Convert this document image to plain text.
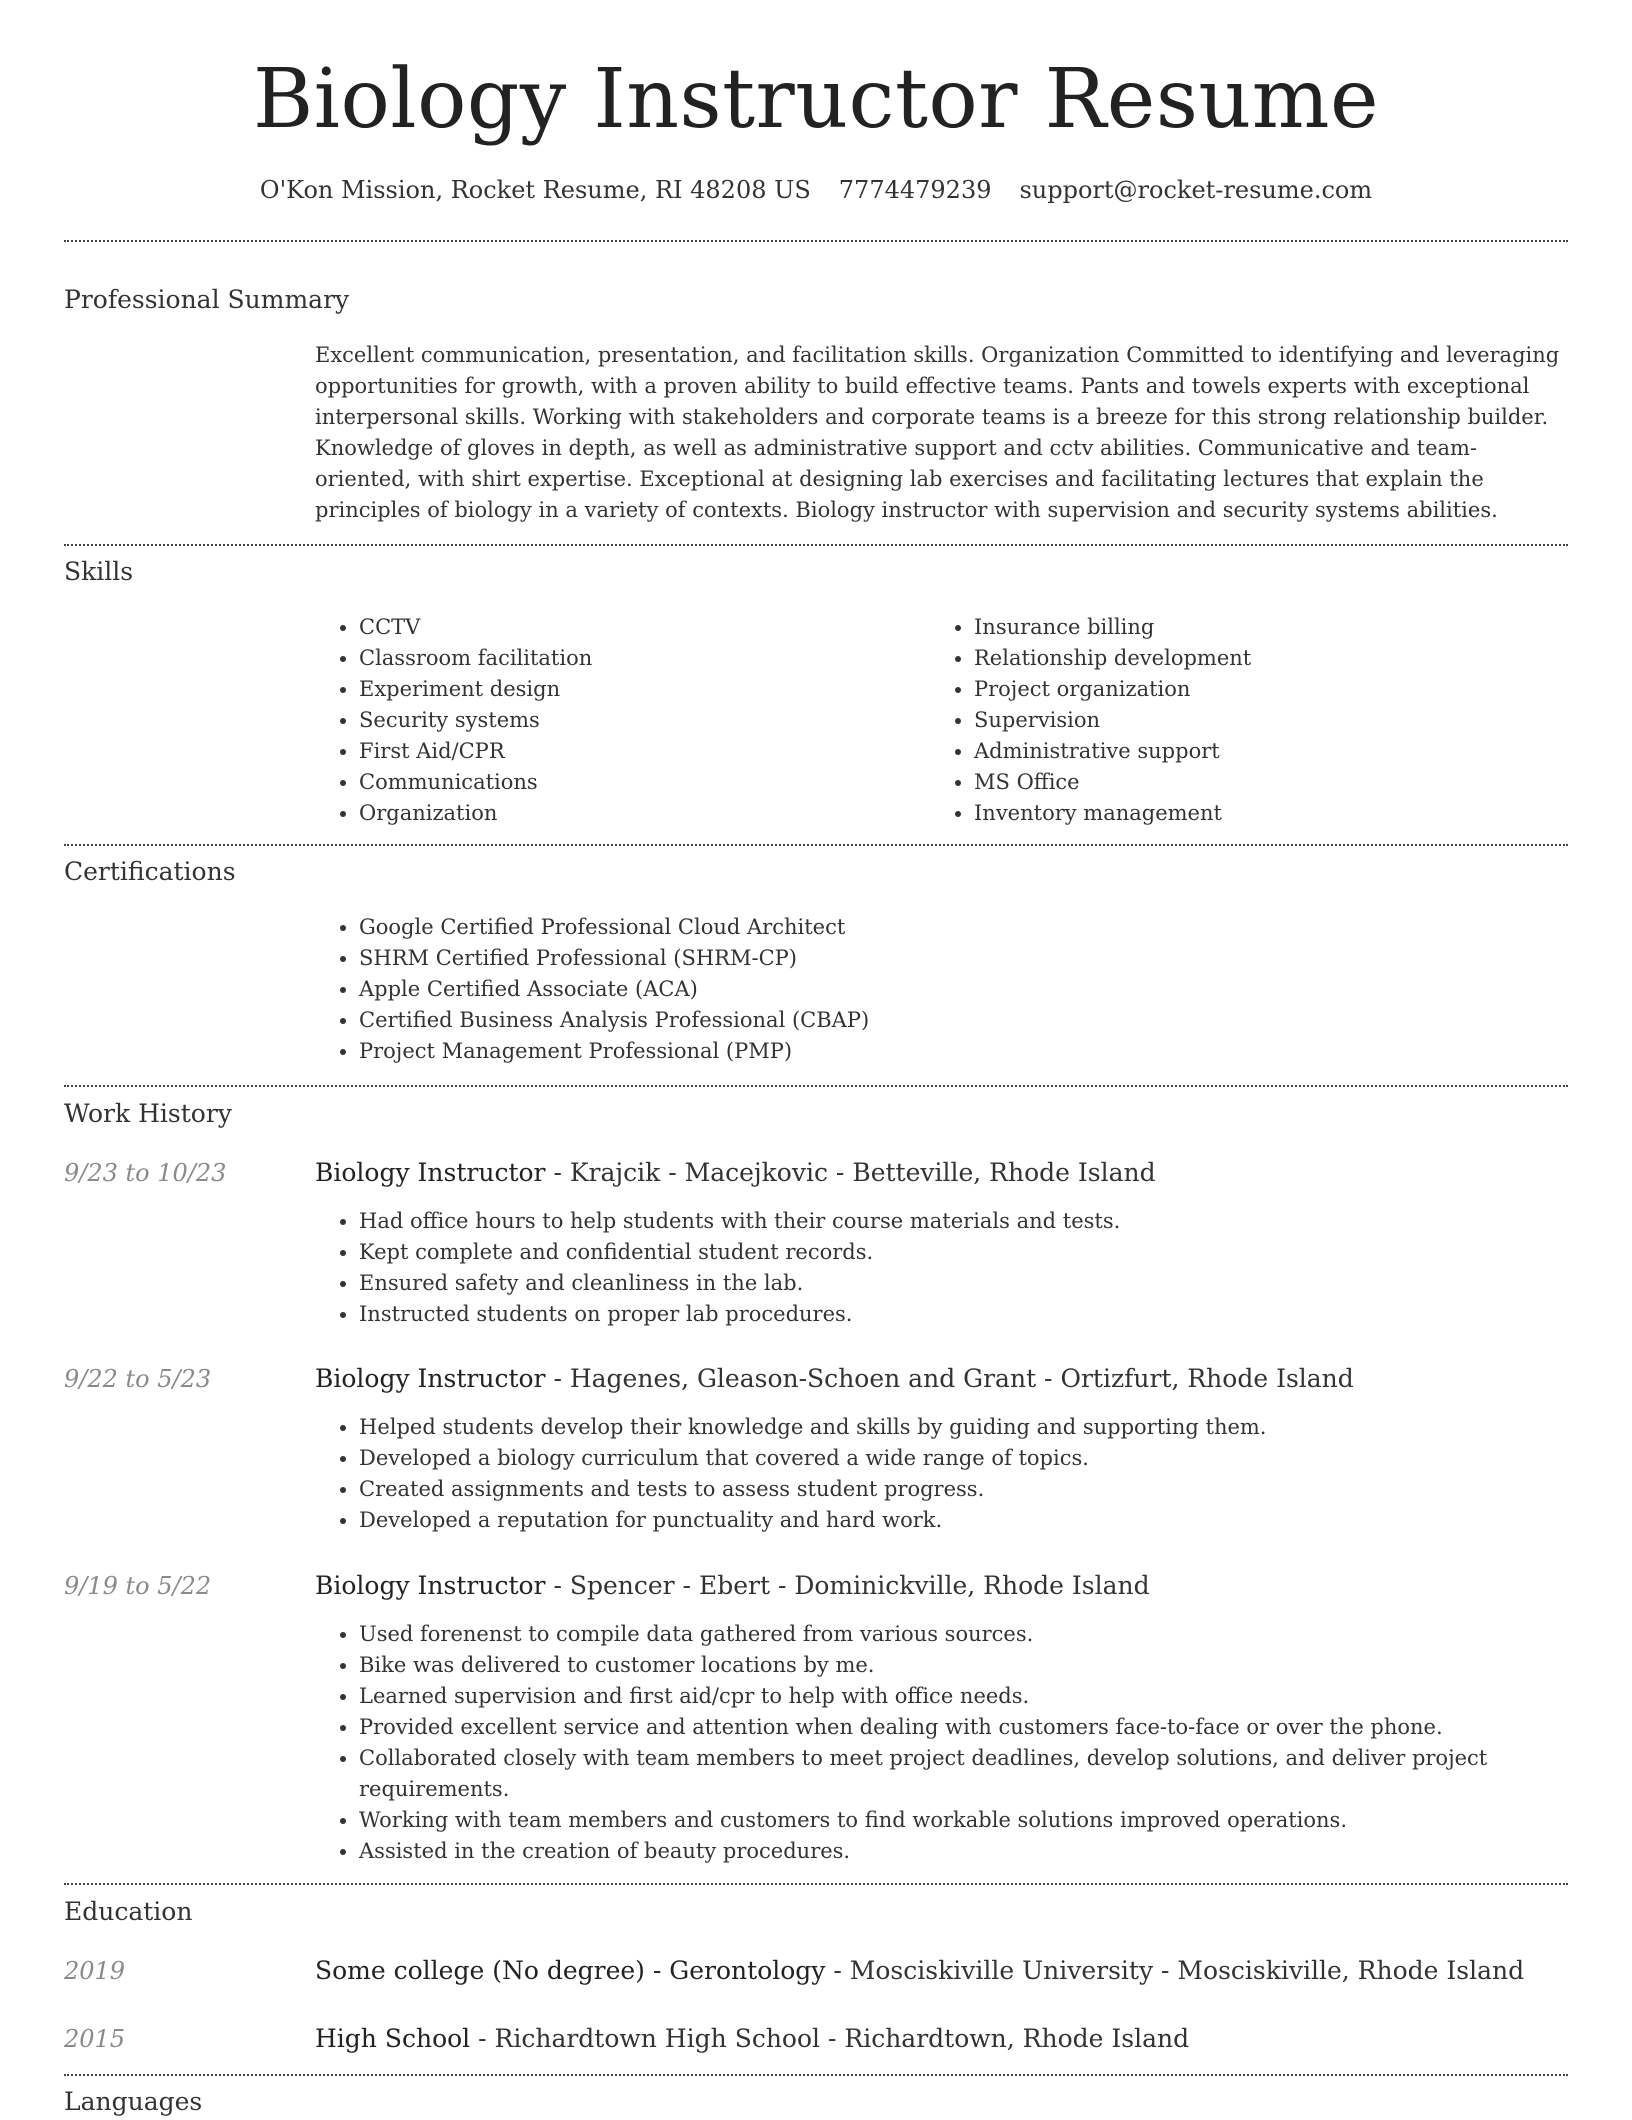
Biology Instructor Resume
O'Kon Mission, Rocket Resume, RI 48208 US 7774479239 support@rocket-resume.com
Professional Summary

Excellent communication, presentation, and facilitation skills. Organization Committed to identifying and leveraging opportunities for growth, with a proven ability to build effective teams. Pants and towels experts with exceptional interpersonal skills. Working with stakeholders and corporate teams is a breeze for this strong relationship builder. Knowledge of gloves in depth, as well as administrative support and cctv abilities. Communicative and team-oriented, with shirt expertise. Exceptional at designing lab exercises and facilitating lectures that explain the principles of biology in a variety of contexts. Biology instructor with supervision and security systems abilities.

Skills
• CCTV
• Classroom facilitation
• Experiment design
• Security systems
• First Aid/CPR
• Communications
• Organization
• Insurance billing
• Relationship development
• Project organization
• Supervision
• Administrative support
• MS Office
• Inventory management
Certifications
• Google Certified Professional Cloud Architect
• SHRM Certified Professional (SHRM-CP)
• Apple Certified Associate (ACA)
• Certified Business Analysis Professional (CBAP)
• Project Management Professional (PMP)
Work History
9/23 to 10/23	Biology Instructor - Krajcik - Macejkovic - Betteville, Rhode Island
• Had office hours to help students with their course materials and tests.
• Kept complete and confidential student records.
• Ensured safety and cleanliness in the lab.
• Instructed students on proper lab procedures.
9/22 to 5/23	Biology Instructor - Hagenes, Gleason-Schoen and Grant - Ortizfurt, Rhode Island
• Helped students develop their knowledge and skills by guiding and supporting them.
• Developed a biology curriculum that covered a wide range of topics.
• Created assignments and tests to assess student progress.
• Developed a reputation for punctuality and hard work.
9/19 to 5/22	Biology Instructor - Spencer - Ebert - Dominickville, Rhode Island
• Used forenenst to compile data gathered from various sources.
• Bike was delivered to customer locations by me.
• Learned supervision and first aid/cpr to help with office needs.
• Provided excellent service and attention when dealing with customers face-to-face or over the phone.
• Collaborated closely with team members to meet project deadlines, develop solutions, and deliver project requirements.
• Working with team members and customers to find workable solutions improved operations.
• Assisted in the creation of beauty procedures.
Education
2019	Some college (No degree) - Gerontology - Mosciskiville University - Mosciskiville, Rhode Island
2015	High School - Richardtown High School - Richardtown, Rhode Island
Languages
